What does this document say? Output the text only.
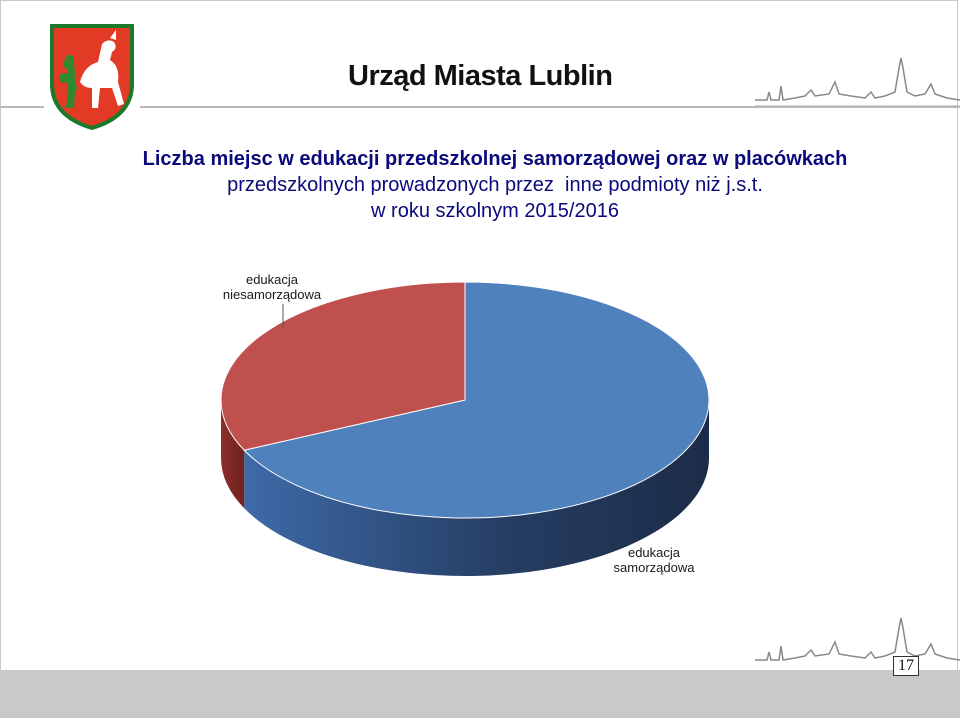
Urząd Miasta Lublin
Liczba miejsc w edukacji przedszkolnej samorządowej oraz w placówkach
przedszkolnych prowadzonych przez  inne podmioty niż j.s.t.
w roku szkolnym 2015/2016
edukacja
samorządowa
edukacja
niesamorządowa
17
